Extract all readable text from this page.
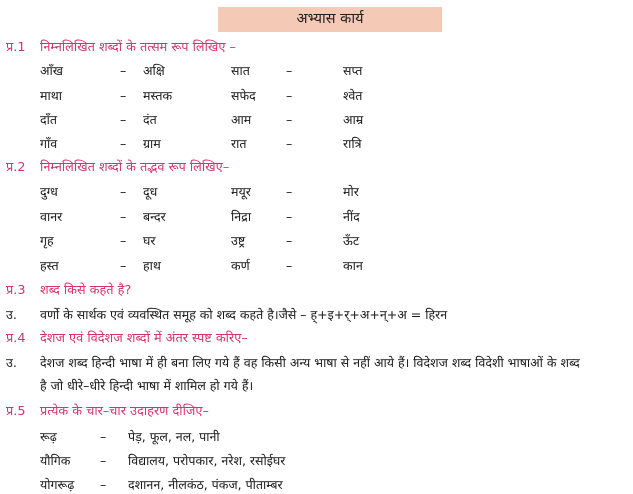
अभ्यास कार्य
प्र.1 निम्नलिखित शब्दों के तत्सम रूप लिखिए –
आँख	– अक्षि	सात	–	सप्त
माथा	– मस्तक	सफेद –	श्वेत
दाँत	– दंत	आम	–	आम्र
गाँव	– ग्राम	रात	–	रात्रि
प्र.2 निम्नलिखित शब्दों के तद्भव रूप लिखिए–
दुग्ध	– दूध	मयूर	–	मोर
वानर	– बन्दर	निद्रा	–	नींद
गृह	– घर	उष्ट्र	–	ऊँट
हस्त	– हाथ	कर्ण	–	कान
प्र.3 शब्द किसे कहते है?
उ. वर्णो के सार्थक एवं व्यवस्थित समूह को शब्द कहते है।जैसे – ह्+इ+र्+अ+न्+अ = हिरन
प्र.4 देशज एवं विदेशज शब्दों में अंतर स्पष्ट करिए–
उ. देशज शब्द हिन्दी भाषा में ही बना लिए गये हैं वह किसी अन्य भाषा से नहीं आये हैं। विदेशज शब्द विदेशी भाषाओं के शब्द
है जो धीरे–धीरे हिन्दी भाषा में शामिल हो गये हैं।
प्र.5 प्रत्येक के चार–चार उदाहरण दीजिए–
रूढ़	– पेड़, फूल, नल, पानी
यौगिक – विद्यालय, परोपकार, नरेश, रसोईघर
योगरूढ़ – दशानन, नीलकंठ, पंकज, पीताम्बर
